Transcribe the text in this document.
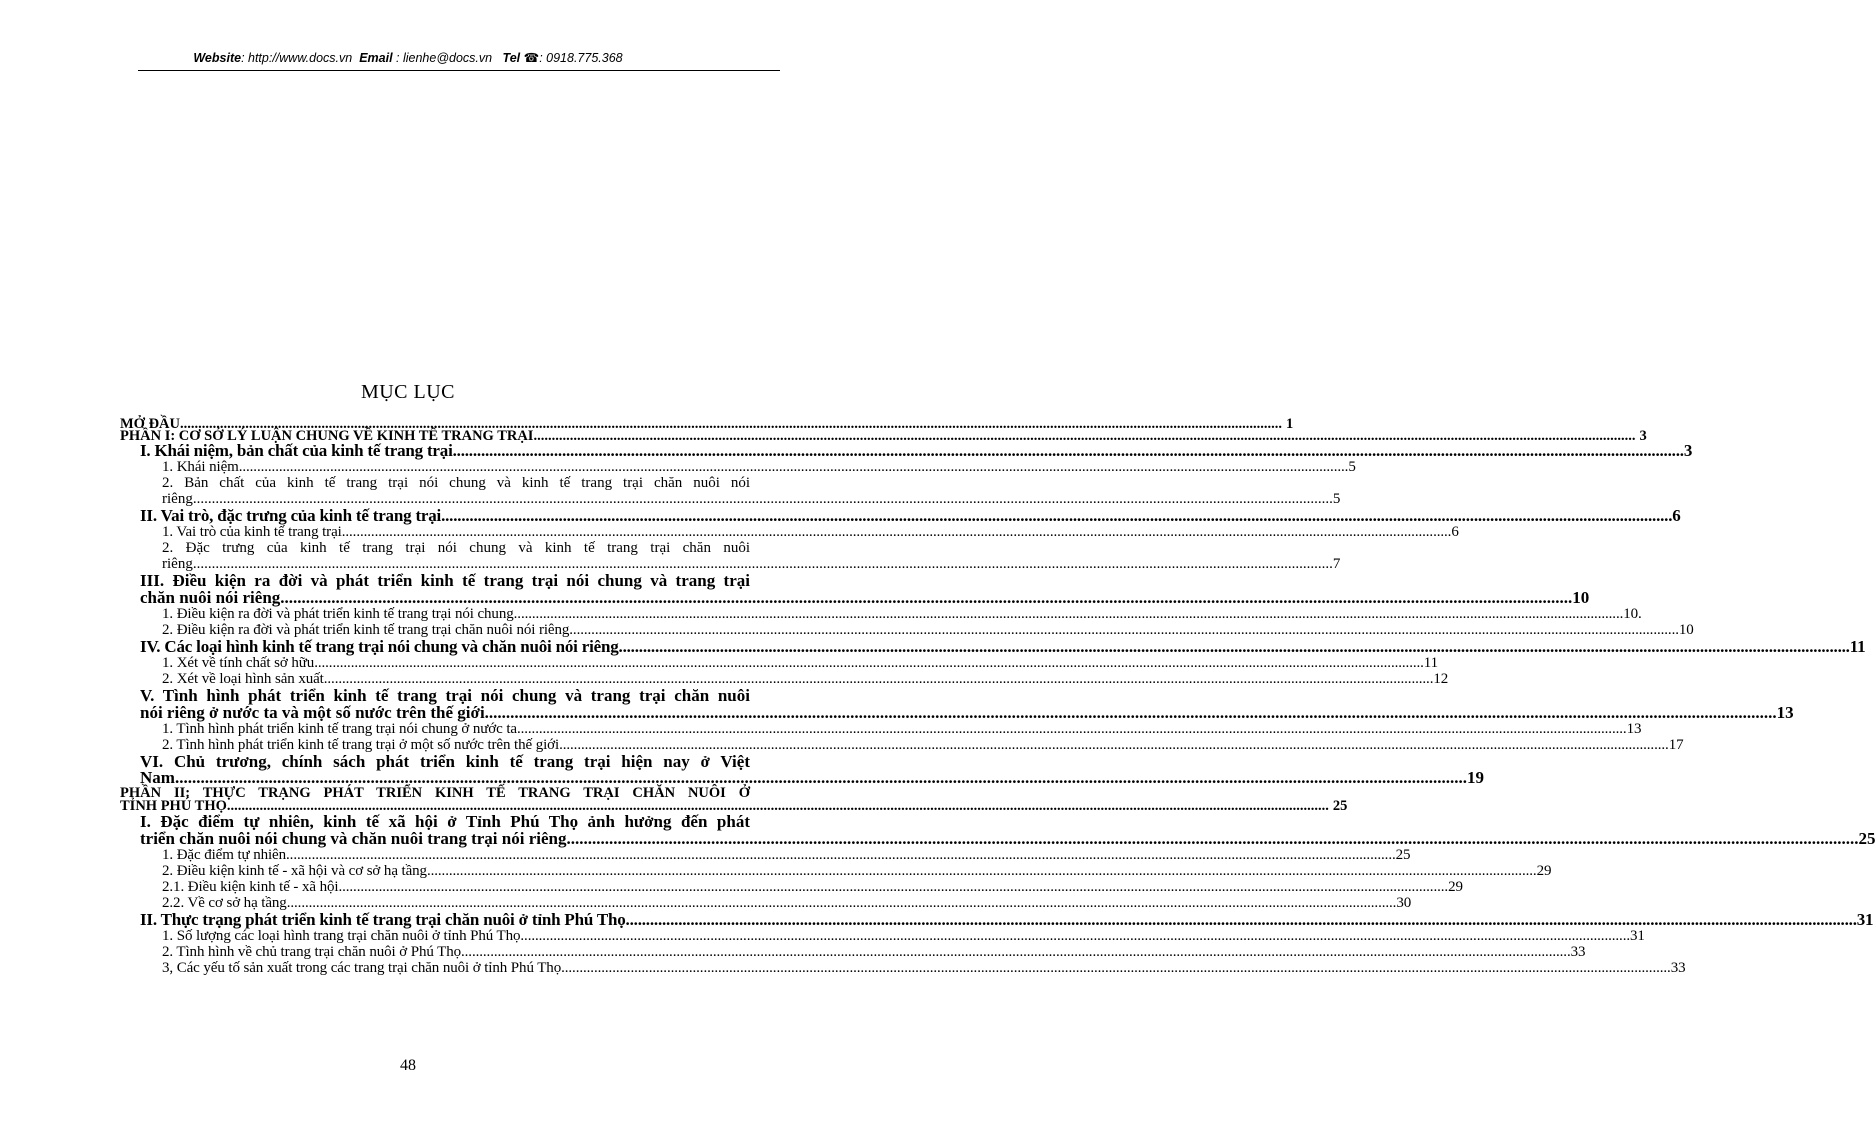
Website: http://www.docs.vn Email : lienhe@docs.vn Tel ☎: 0918.775.368
MỤC LỤC
MỞ ĐẦU .....	1
PHẦN I: CƠ SỞ LÝ LUẬN CHUNG VỀ KINH TẾ TRANG TRẠI .....	3
I. Khái niệm, bản chất của kinh tế trang trại .....	3
1. Khái niệm .....	5
2. Bản chất của kinh tế trang trại nói chung và kinh tế trang trại chăn nuôi nói
riêng .....	5
II. Vai trò, đặc trưng của kinh tế trang trại .....	6
1. Vai trò của kinh tế trang trại .....	6
2. Đặc trưng của kinh tế trang trại nói chung và kinh tế trang trại chăn nuôi
riêng .....	7
III. Điều kiện ra đời và phát triển kinh tế trang trại nói chung và trang trại
chăn nuôi nói riêng .....	10
1. Điều kiện ra đời và phát triển kinh tế trang trại nói chung .....	10.
2. Điều kiện ra đời và phát triển kinh tế trang trại chăn nuôi nói riêng .....	10
IV. Các loại hình kinh tế trang trại nói chung và chăn nuôi nói riêng .....	11
1. Xét về tính chất sở hữu .....	11
2. Xét về loại hình sản xuất .....	12
V. Tình hình phát triển kinh tế trang trại nói chung và trang trại chăn nuôi
nói riêng ở nước ta và một số nước trên thế giới .....	13
1. Tình hình phát triển kinh tế trang trại nói chung ở nước ta .....	13
2. Tình hình phát triển kinh tế trang trại ở một số nước trên thế giới .....	17
VI. Chủ trương, chính sách phát triển kinh tế trang trại hiện nay ở Việt
Nam .....	19
PHẦN II: THỰC TRẠNG PHÁT TRIỂN KINH TẾ TRANG TRẠI CHĂN NUÔI Ở
TỈNH PHÚ THỌ .....	25
I. Đặc điểm tự nhiên, kinh tế xã hội ở Tỉnh Phú Thọ ảnh hưởng đến phát
triển chăn nuôi nói chung và chăn nuôi trang trại nói riêng .....	25
1. Đặc điểm tự nhiên .....	25
2. Điều kiện kinh tế - xã hội và cơ sở hạ tầng .....	29
2.1. Điều kiện kinh tế - xã hội .....	29
2.2. Về cơ sở hạ tầng .....	30
II. Thực trạng phát triển kinh tế trang trại chăn nuôi ở tỉnh Phú Thọ .....	31
1. Số lượng các loại hình trang trại chăn nuôi ở tỉnh Phú Thọ .....	31
2. Tình hình về chủ trang trại chăn nuôi ở Phú Thọ .....	33
3, Các yếu tố sản xuất trong các trang trại chăn nuôi ở tỉnh Phú Thọ .....	33
48
